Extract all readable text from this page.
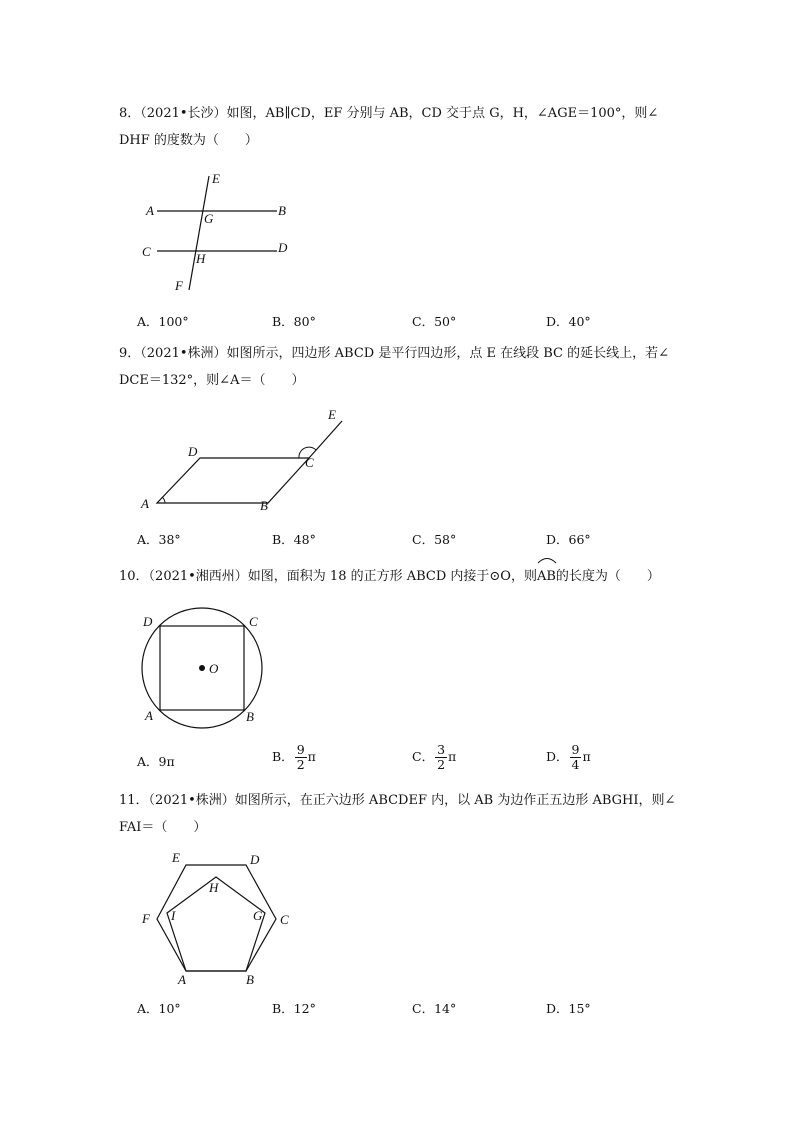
8．（2021•长沙）如图，AB∥CD，EF 分别与 AB，CD 交于点 G，H，∠AGE＝100°，则∠
DHF 的度数为（　　）
E
A
G
B
C	H
D
F
A．100°	B．80°	C．50°	D．40°
9．（2021•株洲）如图所示，四边形 ABCD 是平行四边形，点 E 在线段 BC 的延长线上，若∠
DCE＝132°，则∠A＝（　　）
E
D
C
A	B
A．38°	B．48°	C．58°	D．66°
10．（2021•湘西州）如图，面积为 18 的正方形 ABCD 内接于⊙O，则
AB的长度为（　　）
D	C
O
A	B
A．9π	B． $\frac{9}{2}$ π	C． $\frac{3}{2}$ π	D． $\frac{9}{4}$ π
11．（2021•株洲）如图所示，在正六边形 ABCDEF 内，以 AB 为边作正五边形 ABGHI，则∠
FAI＝（　　）
E	D
H
F I	G C
A	B
A．10°	B．12°	C．14°	D．15°
